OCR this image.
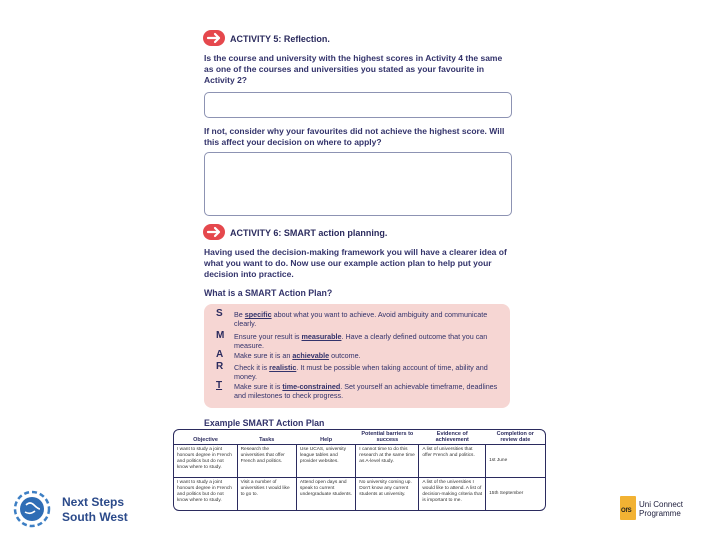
ACTIVITY 5: Reflection.
Is the course and university with the highest scores in Activity 4 the same as one of the courses and universities you stated as your favourite in Activity 2?
If not, consider why your favourites did not achieve the highest score. Will this affect your decision on where to apply?
ACTIVITY 6: SMART action planning.
Having used the decision-making framework you will have a clearer idea of what you want to do. Now use our example action plan to help put your decision into practice.
What is a SMART Action Plan?
S Be specific about what you want to achieve. Avoid ambiguity and communicate clearly.
M Ensure your result is measurable. Have a clearly defined outcome that you can measure.
A Make sure it is an achievable outcome.
R Check it is realistic. It must be possible when taking account of time, ability and money.
T Make sure it is time-constrained. Set yourself an achievable timeframe, deadlines and milestones to check progress.
Example SMART Action Plan
Objective	Tasks	Help	Potential barriers to success	Evidence of achievement	Completion or review date
I want to study a joint honours degree in French and politics but do not know where to study.	Research the universities that offer French and politics.	Use UCAS, university league tables and provider websites.	I cannot time to do this research at the same time as A-level study.	A list of universities that offer French and politics.	1st June
I want to study a joint honours degree in French and politics but do not know where to study.	Visit a number of universities I would like to go to.	Attend open days and speak to current undergraduate students.	No university coming up. Don't know any current students at university.	A list of the universities I would like to attend. A list of decision-making criteria that is important to me.	15th September
Next Steps
South West	OfS
Uni Connect
Programme
